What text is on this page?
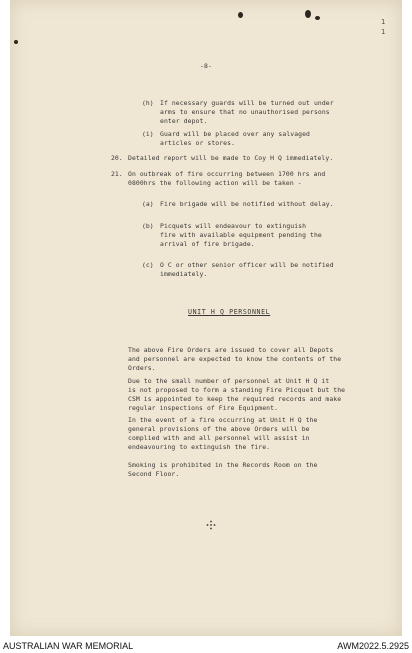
1
1
-8-
(h) If necessary guards will be turned out under
arms to ensure that no unauthorised persons
enter depot.
(i) Guard will be placed over any salvaged
articles or stores.
20. Detailed report will be made to Coy H Q immediately.
21. On outbreak of fire occurring between 1700 hrs and
0800hrs the following action will be taken -
(a) Fire brigade will be notified without delay.
(b) Picquets will endeavour to extinguish
fire with available equipment pending the
arrival of fire brigade.
(c) O C or other senior officer will be notified
immediately.
UNIT H Q PERSONNEL
The above Fire Orders are issued to cover all Depots
and personnel are expected to know the contents of the
Orders.
Due to the small number of personnel at Unit H Q it
is not proposed to form a standing Fire Picquet but the
CSM is appointed to keep the required records and make
regular inspections of Fire Equipment.
In the event of a fire occurring at Unit H Q the
general provisions of the above Orders will be
complied with and all personnel will assist in
endeavouring to extinguish the fire.
Smoking is prohibited in the Records Room on the
Second Floor.
AUSTRALIAN WAR MEMORIAL	AWM2022.5.2925
